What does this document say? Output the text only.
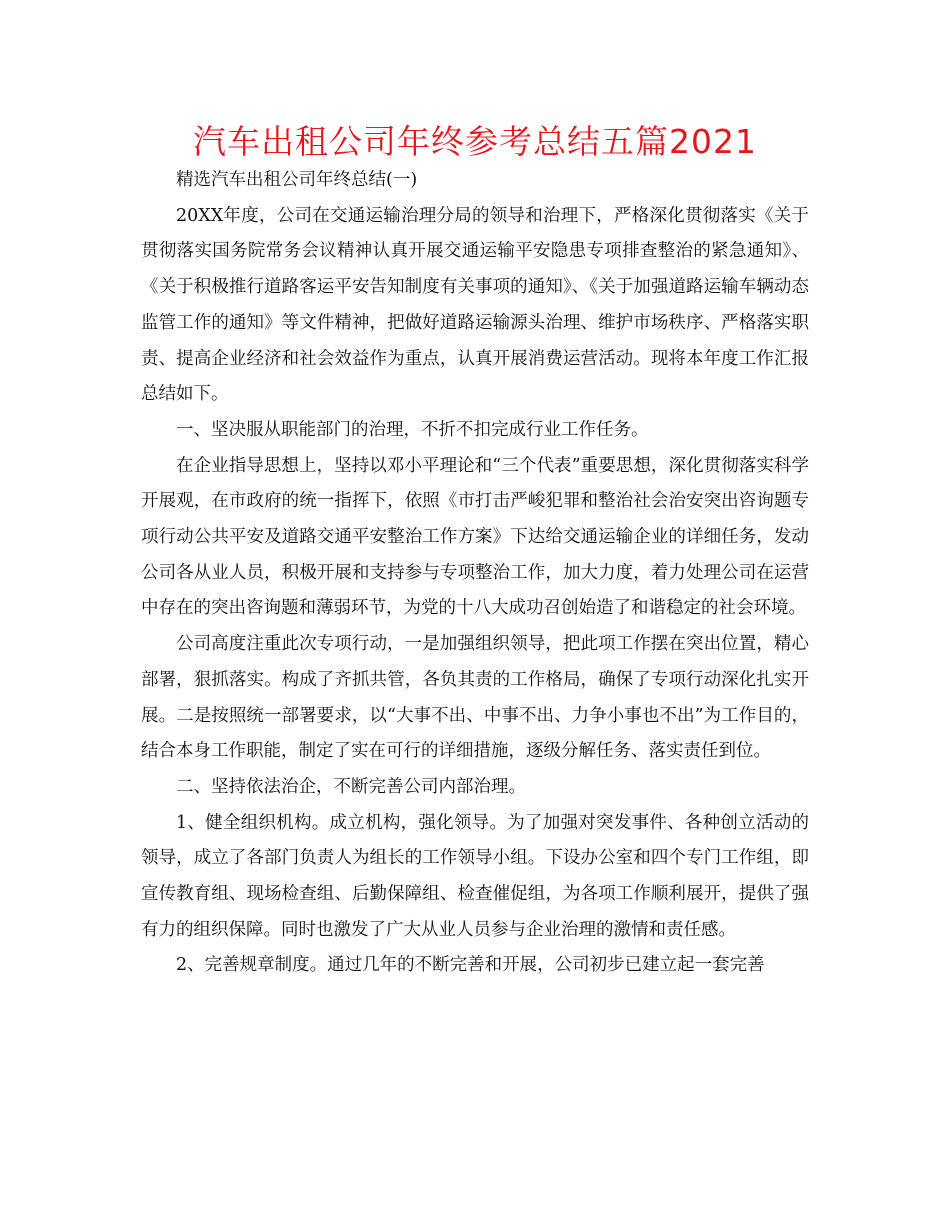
汽车出租公司年终参考总结五篇2021

精选汽车出租公司年终总结(一)

20XX年度，公司在交通运输治理分局的领导和治理下，严格深化贯彻落实《关于贯彻落实国务院常务会议精神认真开展交通运输平安隐患专项排查整治的紧急通知》、《关于积极推行道路客运平安告知制度有关事项的通知》、《关于加强道路运输车辆动态监管工作的通知》等文件精神，把做好道路运输源头治理、维护市场秩序、严格落实职责、提高企业经济和社会效益作为重点，认真开展消费运营活动。现将本年度工作汇报总结如下。

一、坚决服从职能部门的治理，不折不扣完成行业工作任务。

在企业指导思想上，坚持以邓小平理论和“三个代表”重要思想，深化贯彻落实科学开展观，在市政府的统一指挥下，依照《市打击严峻犯罪和整治社会治安突出咨询题专项行动公共平安及道路交通平安整治工作方案》下达给交通运输企业的详细任务，发动公司各从业人员，积极开展和支持参与专项整治工作，加大力度，着力处理公司在运营中存在的突出咨询题和薄弱环节，为党的十八大成功召创始造了和谐稳定的社会环境。

公司高度注重此次专项行动，一是加强组织领导，把此项工作摆在突出位置，精心部署，狠抓落实。构成了齐抓共管，各负其责的工作格局，确保了专项行动深化扎实开展。二是按照统一部署要求，以“大事不出、中事不出、力争小事也不出”为工作目的，结合本身工作职能，制定了实在可行的详细措施，逐级分解任务、落实责任到位。

二、坚持依法治企，不断完善公司内部治理。

1、健全组织机构。成立机构，强化领导。为了加强对突发事件、各种创立活动的领导，成立了各部门负责人为组长的工作领导小组。下设办公室和四个专门工作组，即宣传教育组、现场检查组、后勤保障组、检查催促组，为各项工作顺利展开，提供了强有力的组织保障。同时也激发了广大从业人员参与企业治理的激情和责任感。

2、完善规章制度。通过几年的不断完善和开展，公司初步已建立起一套完善
